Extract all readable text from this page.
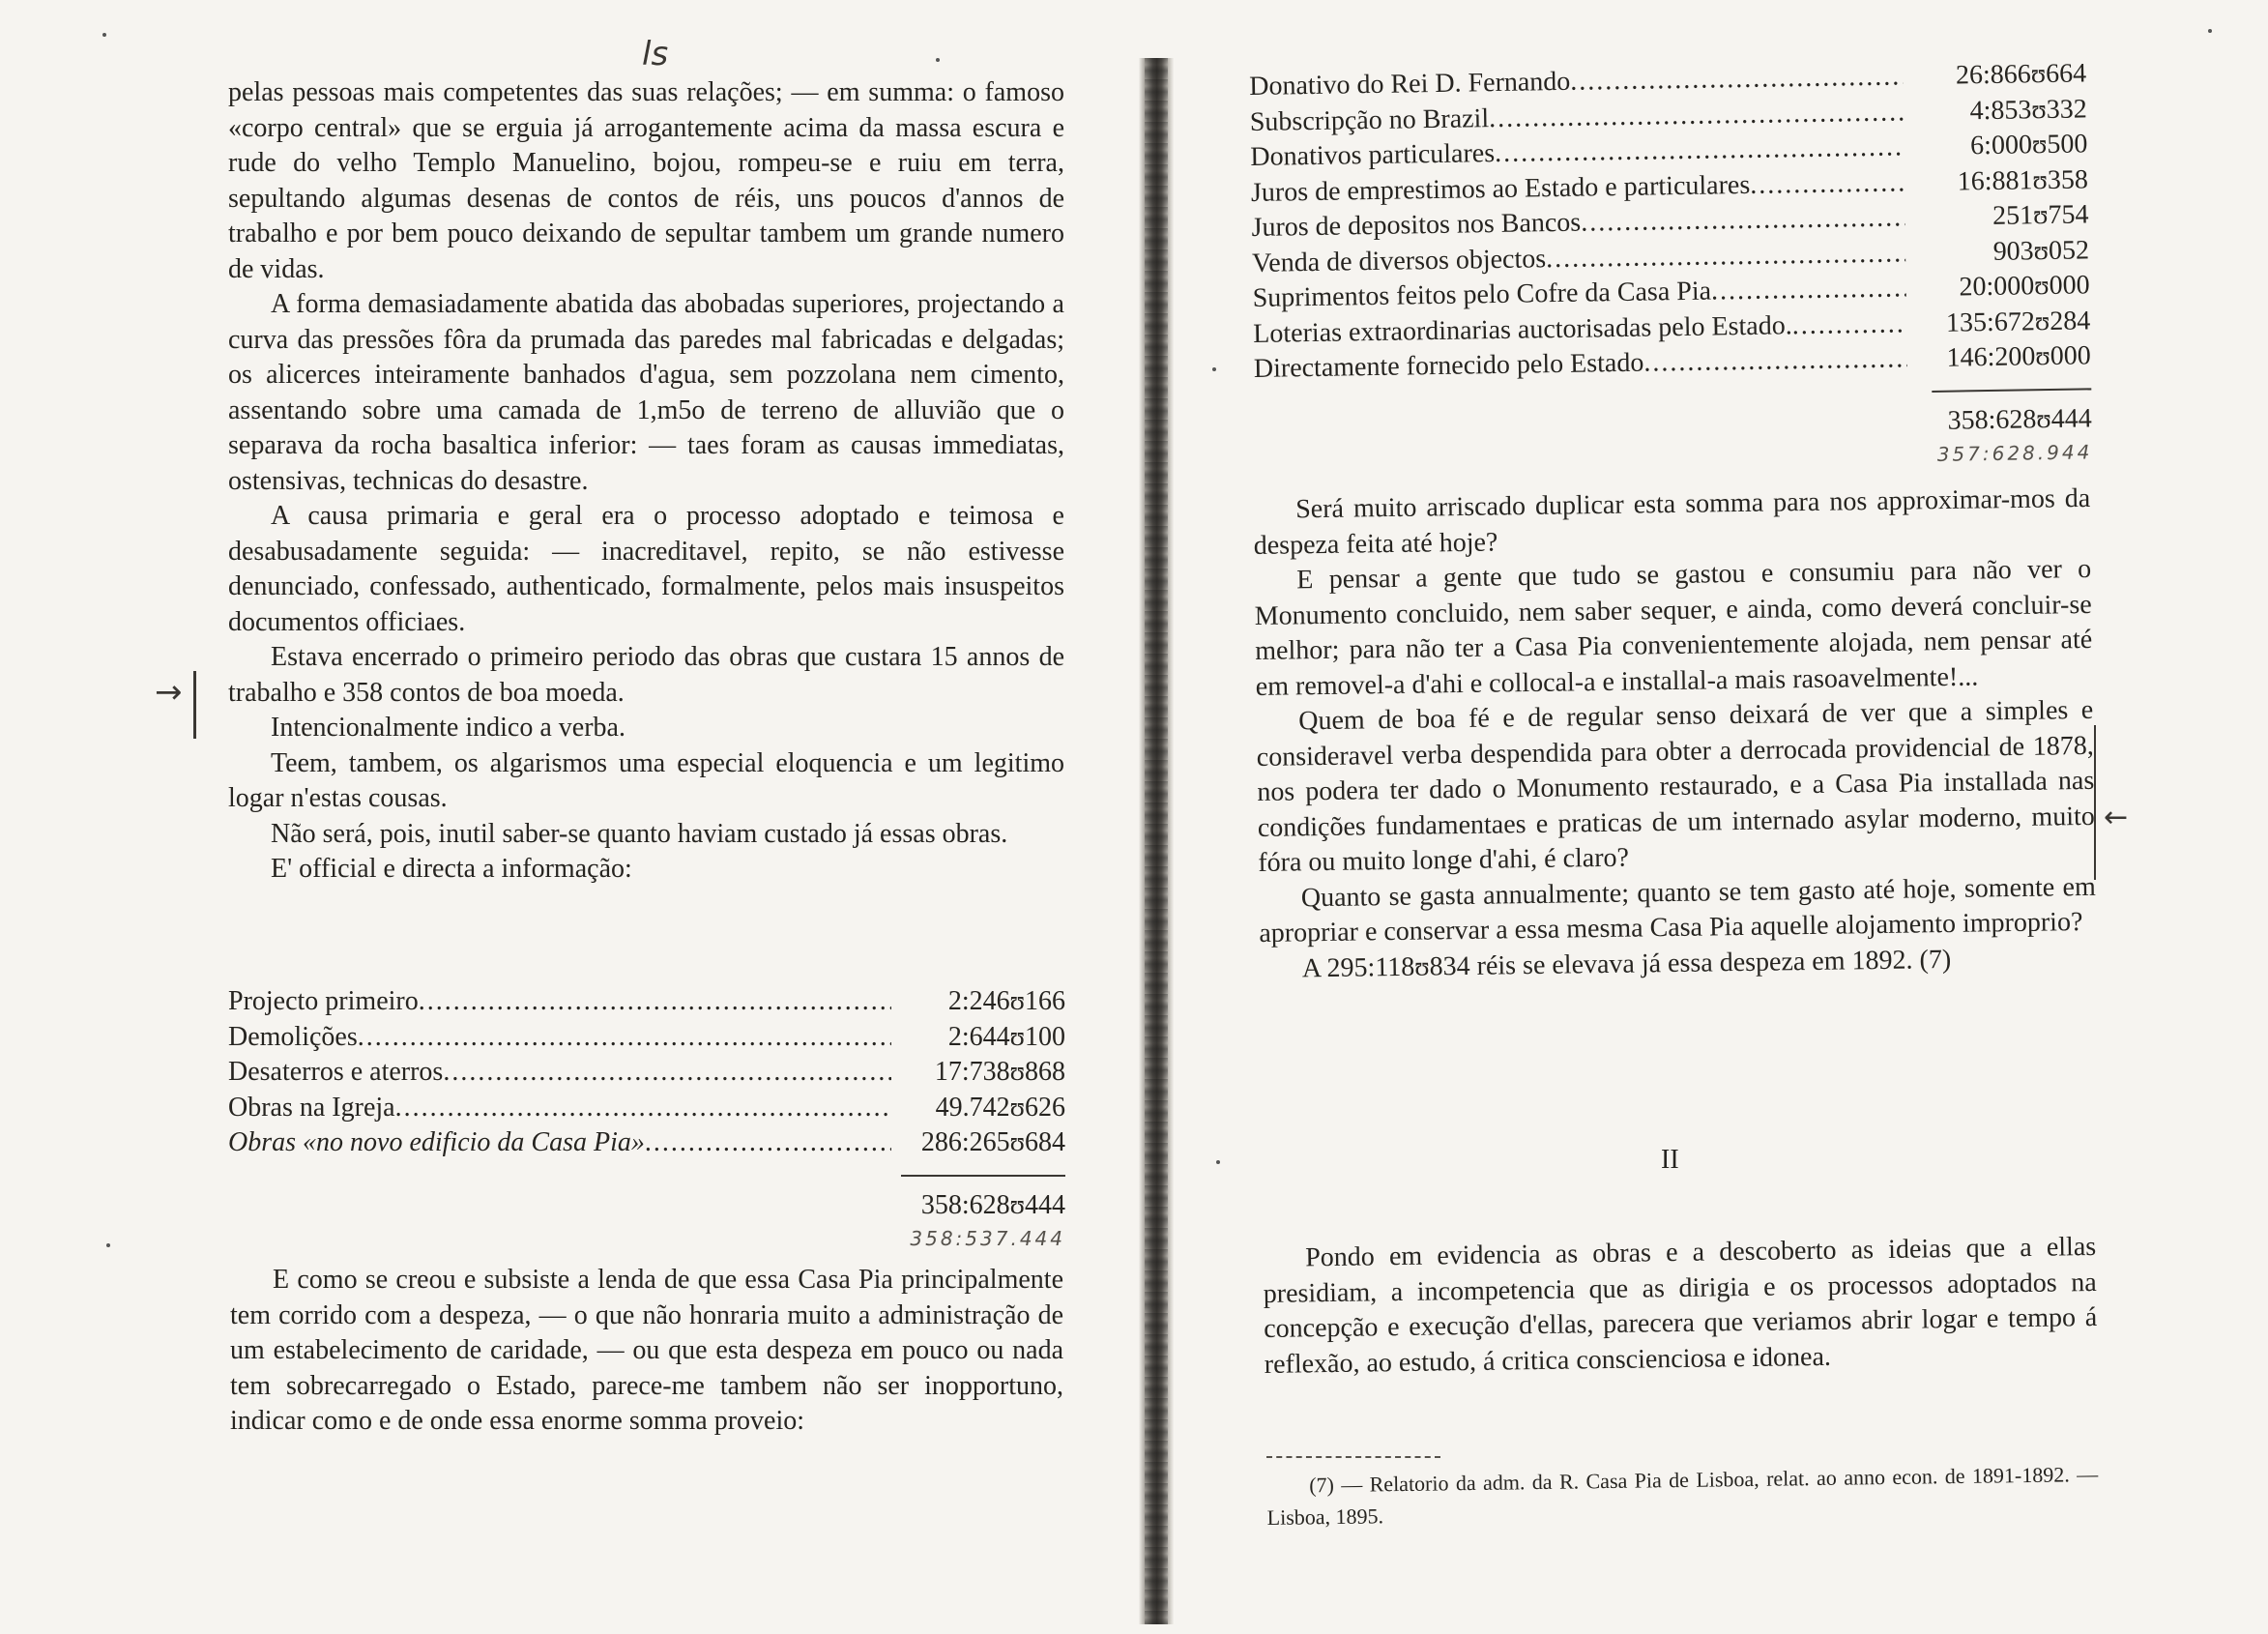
ls
→
←

pelas pessoas mais competentes das suas relações; — em summa: o famoso «corpo central» que se erguia já arrogantemente acima da massa escura e rude do velho Templo Manuelino, bojou, rompeu-se e ruiu em terra, sepultando algumas desenas de contos de réis, uns poucos d'annos de trabalho e por bem pouco deixando de sepultar tambem um grande numero de vidas.

A forma demasiadamente abatida das abobadas superiores, projectando a curva das pressões fôra da prumada das paredes mal fabricadas e delgadas; os alicerces inteiramente banhados d'agua, sem pozzolana nem cimento, assentando sobre uma camada de 1,m5o de terreno de alluvião que o separava da rocha basaltica inferior: — taes foram as causas immediatas, ostensivas, technicas do desastre.

A causa primaria e geral era o processo adoptado e teimosa e desabusadamente seguida: — inacreditavel, repito, se não estivesse denunciado, confessado, authenticado, formalmente, pelos mais insuspeitos documentos officiaes.

Estava encerrado o primeiro periodo das obras que custara 15 annos de trabalho e 358 contos de boa moeda.

Intencionalmente indico a verba.

Teem, tambem, os algarismos uma especial eloquencia e um legitimo logar n'estas cousas.

Não será, pois, inutil saber-se quanto haviam custado já essas obras.

E' official e directa a informação:

Projecto primeiro .....	2:246ʊ166
Demolições .....	2:644ʊ100
Desaterros e aterros .....	17:738ʊ868
Obras na Igreja .....	49.742ʊ626
Obras «no novo edificio da Casa Pia» .....	286:265ʊ684
358:628ʊ444
358:537.444

E como se creou e subsiste a lenda de que essa Casa Pia principalmente tem corrido com a despeza, — o que não honraria muito a administração de um estabelecimento de caridade, — ou que esta despeza em pouco ou nada tem sobrecarregado o Estado, parece-me tambem não ser inopportuno, indicar como e de onde essa enorme somma proveio:

Donativo do Rei D. Fernando .....	26:866ʊ664
Subscripção no Brazil .....	4:853ʊ332
Donativos particulares .....	6:000ʊ500
Juros de emprestimos ao Estado e particulares .....	16:881ʊ358
Juros de depositos nos Bancos .....	251ʊ754
Venda de diversos objectos .....	903ʊ052
Suprimentos feitos pelo Cofre da Casa Pia .....	20:000ʊ000
Loterias extraordinarias auctorisadas pelo Estado. .....	135:672ʊ284
Directamente fornecido pelo Estado .....	146:200ʊ000
358:628ʊ444
357:628.944

Será muito arriscado duplicar esta somma para nos approximar-mos da despeza feita até hoje?

E pensar a gente que tudo se gastou e consumiu para não ver o Monumento concluido, nem saber sequer, e ainda, como deverá concluir-se melhor; para não ter a Casa Pia convenientemente alojada, nem pensar até em removel-a d'ahi e collocal-a e installal-a mais rasoavelmente!...

Quem de boa fé e de regular senso deixará de ver que a simples e consideravel verba despendida para obter a derrocada providencial de 1878, nos podera ter dado o Monumento restaurado, e a Casa Pia installada nas condições fundamentaes e praticas de um internado asylar moderno, muito fóra ou muito longe d'ahi, é claro?

Quanto se gasta annualmente; quanto se tem gasto até hoje, somente em apropriar e conservar a essa mesma Casa Pia aquelle alojamento improprio?

A 295:118ʊ834 réis se elevava já essa despeza em 1892. (7)

II

Pondo em evidencia as obras e a descoberto as ideias que a ellas presidiam, a incompetencia que as dirigia e os processos adoptados na concepção e execução d'ellas, parecera que veriamos abrir logar e tempo á reflexão, ao estudo, á critica conscienciosa e idonea.

(7) — Relatorio da adm. da R. Casa Pia de Lisboa, relat. ao anno econ. de 1891-1892. — Lisboa, 1895.
